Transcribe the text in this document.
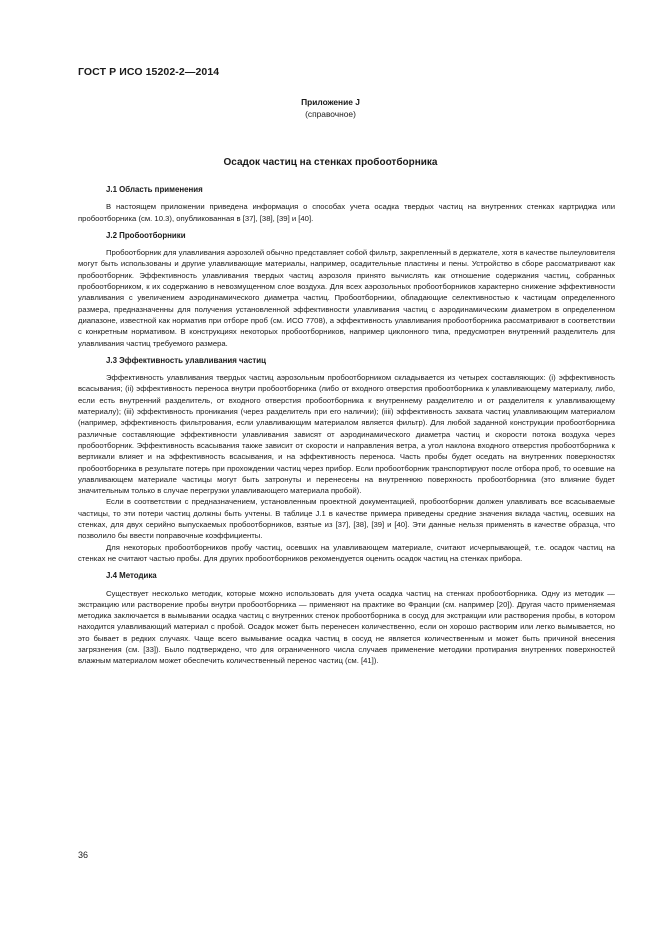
ГОСТ Р ИСО 15202-2—2014
Приложение J
(справочное)
Осадок частиц на стенках пробоотборника
J.1 Область применения

В настоящем приложении приведена информация о способах учета осадка твердых частиц на внутренних стенках картриджа или пробоотборника (см. 10.3), опубликованная в [37], [38], [39] и [40].

J.2 Пробоотборники

Пробоотборник для улавливания аэрозолей обычно представляет собой фильтр, закрепленный в держателе, хотя в качестве пылеуловителя могут быть использованы и другие улавливающие материалы, например, осадительные пластины и пены. Устройство в сборе рассматривают как пробоотборник. Эффективность улавливания твердых частиц аэрозоля принято вычислять как отношение содержания частиц, собранных пробоотборником, к их содержанию в невозмущенном слое воздуха. Для всех аэрозольных пробоотборников характерно снижение эффективности улавливания с увеличением аэродинамического диаметра частиц. Пробоотборники, обладающие селективностью к частицам определенного размера, предназначенны для получения установленной эффективности улавливания частиц с аэродинамическим диаметром в определенном диапазоне, известной как норматив при отборе проб (см. ИСО 7708), а эффективность улавливания пробоотборника рассматривают в соответствии с конкретным нормативом. В конструкциях некоторых пробоотборников, например циклонного типа, предусмотрен внутренний разделитель для улавливания частиц требуемого размера.

J.3 Эффективность улавливания частиц

Эффективность улавливания твердых частиц аэрозольным пробоотборником складывается из четырех составляющих: (i) эффективность всасывания; (ii) эффективность переноса внутри пробоотборника (либо от входного отверстия пробоотборника к улавливающему материалу, либо, если есть внутренний разделитель, от входного отверстия пробоотборника к внутреннему разделителю и от разделителя к улавливающему материалу); (iii) эффективность проникания (через разделитель при его наличии); (iiii) эффективность захвата частиц улавливающим материалом (например, эффективность фильтрования, если улавливающим материалом является фильтр). Для любой заданной конструкции пробоотборника различные составляющие эффективности улавливания зависят от аэродинамического диаметра частиц и скорости потока воздуха через пробоотборник. Эффективность всасывания также зависит от скорости и направления ветра, а угол наклона входного отверстия пробоотборника к вертикали влияет и на эффективность всасывания, и на эффективность переноса. Часть пробы будет оседать на внутренних поверхностях пробоотборника в результате потерь при прохождении частиц через прибор. Если пробоотборник транспортируют после отбора проб, то осевшие на улавливающем материале частицы могут быть затронуты и перенесены на внутреннюю поверхность пробоотборника (это влияние будет значительным только в случае перегрузки улавливающего материала пробой).

Если в соответствии с предназначением, установленным проектной документацией, пробоотборник должен улавливать все всасываемые частицы, то эти потери частиц должны быть учтены. В таблице J.1 в качестве примера приведены средние значения вклада частиц, осевших на стенках, для двух серийно выпускаемых пробоотборников, взятые из [37], [38], [39] и [40]. Эти данные нельзя применять в качестве образца, что позволило бы ввести поправочные коэффициенты.

Для некоторых пробоотборников пробу частиц, осевших на улавливающем материале, считают исчерпывающей, т.е. осадок частиц на стенках не считают частью пробы. Для других пробоотборников рекомендуется оценить осадок частиц на стенках прибора.

J.4 Методика

Существует несколько методик, которые можно использовать для учета осадка частиц на стенках пробоотборника. Одну из методик — экстракцию или растворение пробы внутри пробоотборника — применяют на практике во Франции (см. например [20]). Другая часто применяемая методика заключается в вымывании осадка частиц с внутренних стенок пробоотборника в сосуд для экстракции или растворения пробы, в котором находится улавливающий материал с пробой. Осадок может быть перенесен количественно, если он хорошо растворим или легко вымывается, но это бывает в редких случаях. Чаще всего вымывание осадка частиц в сосуд не является количественным и может быть причиной внесения загрязнения (см. [33]). Было подтверждено, что для ограниченного числа случаев применение методики протирания внутренних поверхностей влажным материалом может обеспечить количественный перенос частиц (см. [41]).

36
